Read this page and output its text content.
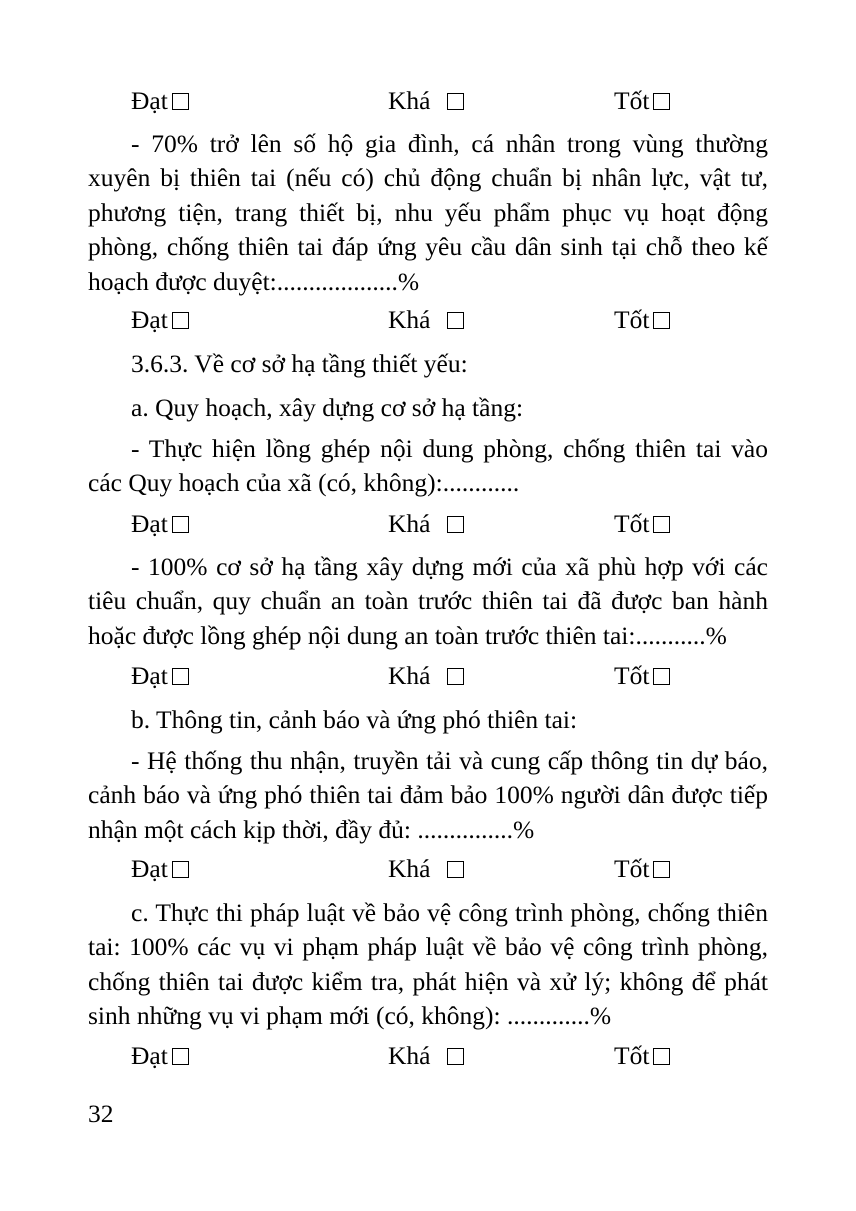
Đạt	Khá	Tốt

- 70% trở lên số hộ gia đình, cá nhân trong vùng thường xuyên bị thiên tai (nếu có) chủ động chuẩn bị nhân lực, vật tư, phương tiện, trang thiết bị, nhu yếu phẩm phục vụ hoạt động phòng, chống thiên tai đáp ứng yêu cầu dân sinh tại chỗ theo kế hoạch được duyệt:...................%

Đạt	Khá	Tốt

3.6.3. Về cơ sở hạ tầng thiết yếu:

a. Quy hoạch, xây dựng cơ sở hạ tầng:

- Thực hiện lồng ghép nội dung phòng, chống thiên tai vào các Quy hoạch của xã (có, không):............

Đạt	Khá	Tốt

- 100% cơ sở hạ tầng xây dựng mới của xã phù hợp với các tiêu chuẩn, quy chuẩn an toàn trước thiên tai đã được ban hành hoặc được lồng ghép nội dung an toàn trước thiên tai:...........%

Đạt	Khá	Tốt

b. Thông tin, cảnh báo và ứng phó thiên tai:

- Hệ thống thu nhận, truyền tải và cung cấp thông tin dự báo, cảnh báo và ứng phó thiên tai đảm bảo 100% người dân được tiếp nhận một cách kịp thời, đầy đủ: ...............%

Đạt	Khá	Tốt

c. Thực thi pháp luật về bảo vệ công trình phòng, chống thiên tai: 100% các vụ vi phạm pháp luật về bảo vệ công trình phòng, chống thiên tai được kiểm tra, phát hiện và xử lý; không để phát sinh những vụ vi phạm mới (có, không): .............%

Đạt	Khá	Tốt
32
